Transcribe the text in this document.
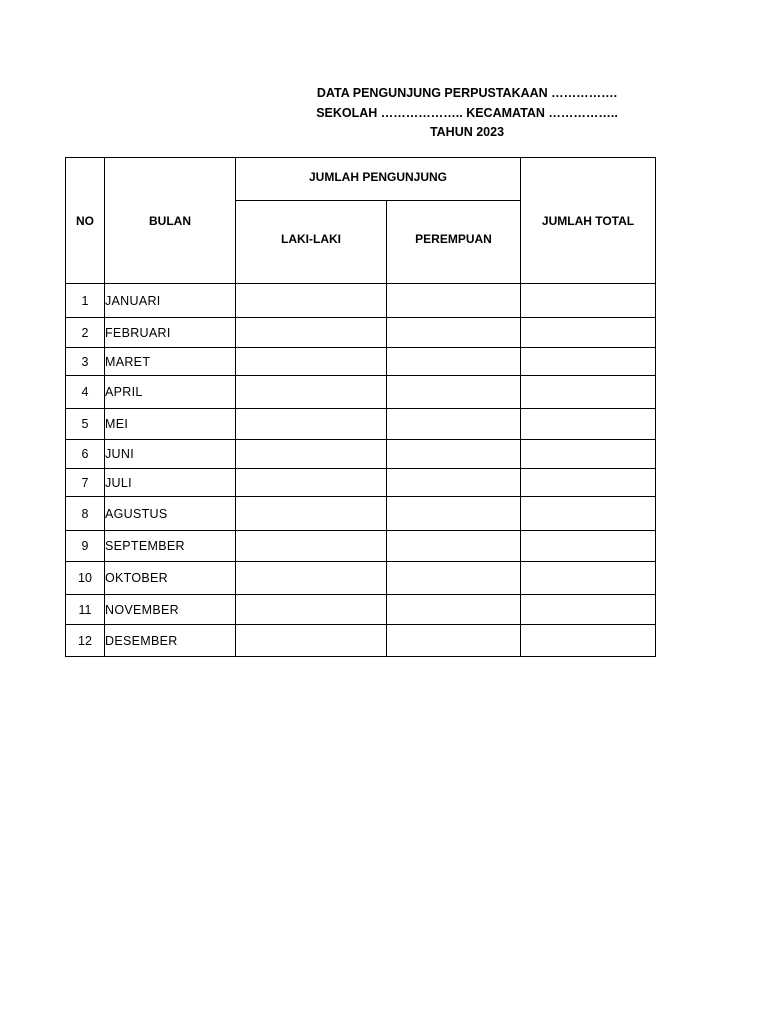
DATA PENGUNJUNG PERPUSTAKAAN …………….
SEKOLAH ……………….. KECAMATAN ……………..
TAHUN 2023
NO	BULAN	JUMLAH PENGUNJUNG		JUMLAH TOTAL
		LAKI-LAKI	PEREMPUAN	
1	JANUARI			
2	FEBRUARI			
3	MARET			
4	APRIL			
5	MEI			
6	JUNI			
7	JULI			
8	AGUSTUS			
9	SEPTEMBER			
10	OKTOBER			
11	NOVEMBER			
12	DESEMBER			
